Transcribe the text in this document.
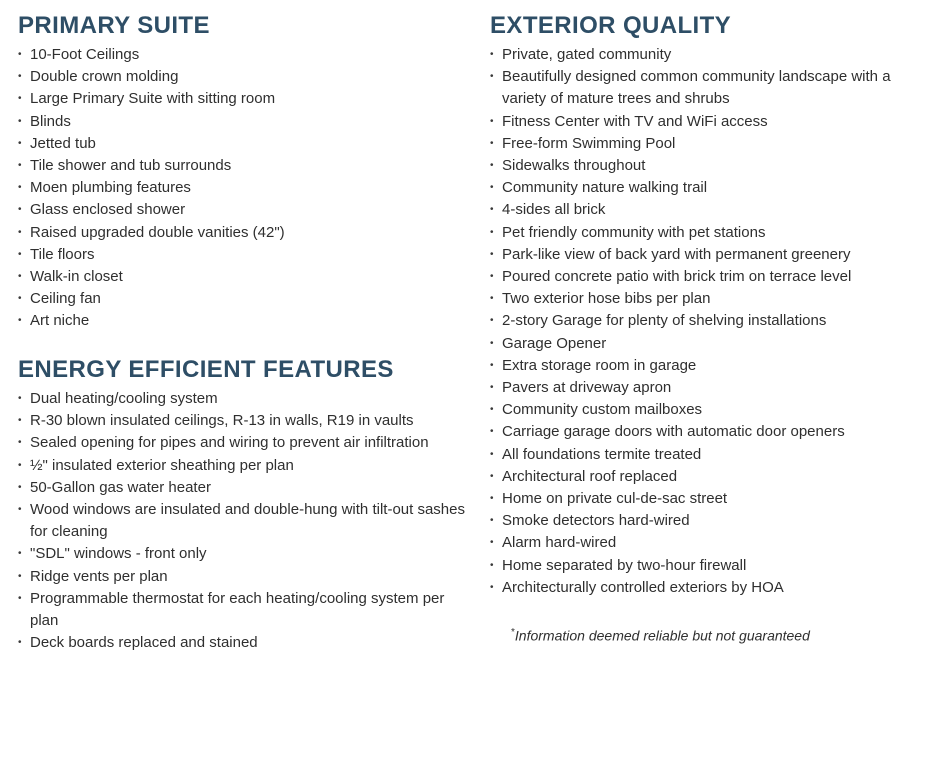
PRIMARY SUITE
• 10-Foot Ceilings
• Double crown molding
• Large Primary Suite with sitting room
• Blinds
• Jetted tub
• Tile shower and tub surrounds
• Moen plumbing features
• Glass enclosed shower
• Raised upgraded double vanities (42")
• Tile floors
• Walk-in closet
• Ceiling fan
• Art niche
ENERGY EFFICIENT FEATURES
• Dual heating/cooling system
• R-30 blown insulated ceilings, R-13 in walls, R19 in vaults
• Sealed opening for pipes and wiring to prevent air infiltration
• ½" insulated exterior sheathing per plan
• 50-Gallon gas water heater
• Wood windows are insulated and double-hung with tilt-out sashes for cleaning
• "SDL" windows - front only
• Ridge vents per plan
• Programmable thermostat for each heating/cooling system per plan
• Deck boards replaced and stained
EXTERIOR QUALITY
• Private, gated community
• Beautifully designed common community landscape with a variety of mature trees and shrubs
• Fitness Center with TV and WiFi access
• Free-form Swimming Pool
• Sidewalks throughout
• Community nature walking trail
• 4-sides all brick
• Pet friendly community with pet stations
• Park-like view of back yard with permanent greenery
• Poured concrete patio with brick trim on terrace level
• Two exterior hose bibs per plan
• 2-story Garage for plenty of shelving installations
• Garage Opener
• Extra storage room in garage
• Pavers at driveway apron
• Community custom mailboxes
• Carriage garage doors with automatic door openers
• All foundations termite treated
• Architectural roof replaced
• Home on private cul-de-sac street
• Smoke detectors hard-wired
• Alarm hard-wired
• Home separated by two-hour firewall
• Architecturally controlled exteriors by HOA
*Information deemed reliable but not guaranteed
